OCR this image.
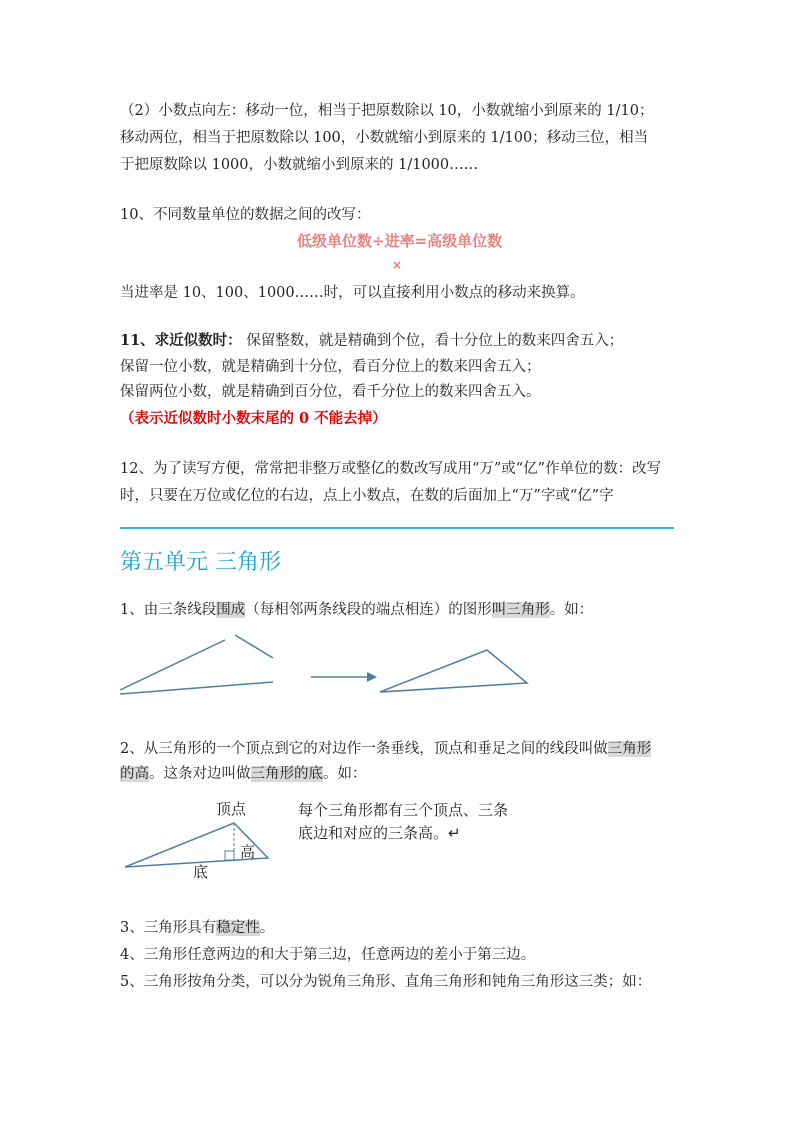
（2）小数点向左：移动一位，相当于把原数除以 10，小数就缩小到原来的 1/10；
移动两位，相当于把原数除以 100，小数就缩小到原来的 1/100；移动三位，相当
于把原数除以 1000，小数就缩小到原来的 1/1000……
10、不同数量单位的数据之间的改写：
低级单位数÷进率=高级单位数
×
当进率是 10、100、1000……时，可以直接利用小数点的移动来换算。
11、求近似数时： 保留整数，就是精确到个位，看十分位上的数来四舍五入；
保留一位小数，就是精确到十分位，看百分位上的数来四舍五入；
保留两位小数，就是精确到百分位，看千分位上的数来四舍五入。
（表示近似数时小数末尾的 0 不能去掉）
12、为了读写方便，常常把非整万或整亿的数改写成用“万”或“亿”作单位的数：改写
时，只要在万位或亿位的右边，点上小数点，在数的后面加上“万”字或“亿”字
第五单元 三角形
1、由三条线段围成（每相邻两条线段的端点相连）的图形叫三角形。如：
2、从三角形的一个顶点到它的对边作一条垂线，顶点和垂足之间的线段叫做三角形
的高。这条对边叫做三角形的底。如：
顶点
高
底
每个三角形都有三个顶点、三条
底边和对应的三条高。↵
3、三角形具有稳定性。
4、三角形任意两边的和大于第三边，任意两边的差小于第三边。
5、三角形按角分类，可以分为锐角三角形、直角三角形和钝角三角形这三类；如：
